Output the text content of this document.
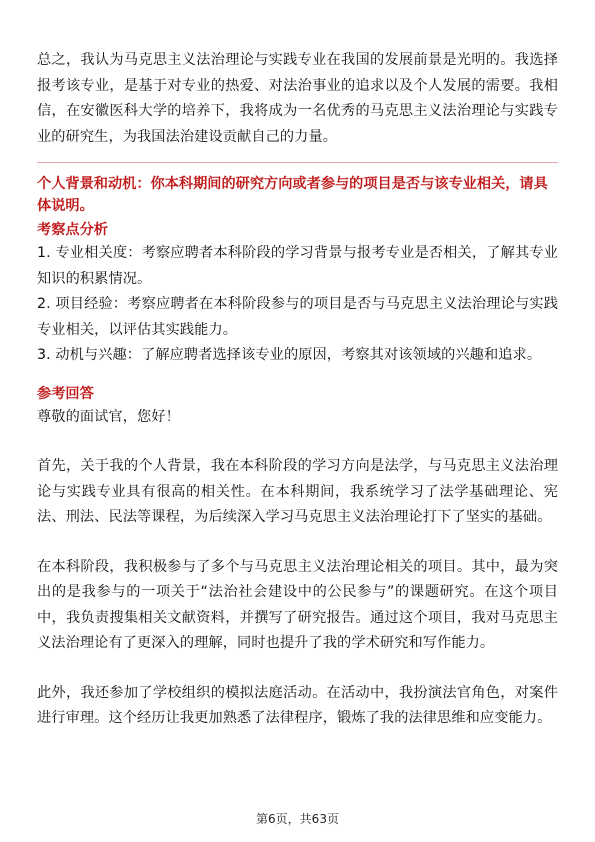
总之，我认为马克思主义法治理论与实践专业在我国的发展前景是光明的。我选择报考该专业，是基于对专业的热爱、对法治事业的追求以及个人发展的需要。我相信，在安徽医科大学的培养下，我将成为一名优秀的马克思主义法治理论与实践专业的研究生，为我国法治建设贡献自己的力量。

个人背景和动机：你本科期间的研究方向或者参与的项目是否与该专业相关，请具体说明。
考察点分析

1. 专业相关度：考察应聘者本科阶段的学习背景与报考专业是否相关，了解其专业知识的积累情况。

2. 项目经验：考察应聘者在本科阶段参与的项目是否与马克思主义法治理论与实践专业相关，以评估其实践能力。

3. 动机与兴趣：了解应聘者选择该专业的原因，考察其对该领域的兴趣和追求。

参考回答

尊敬的面试官，您好！

首先，关于我的个人背景，我在本科阶段的学习方向是法学，与马克思主义法治理论与实践专业具有很高的相关性。在本科期间，我系统学习了法学基础理论、宪法、刑法、民法等课程，为后续深入学习马克思主义法治理论打下了坚实的基础。

在本科阶段，我积极参与了多个与马克思主义法治理论相关的项目。其中，最为突出的是我参与的一项关于“法治社会建设中的公民参与”的课题研究。在这个项目中，我负责搜集相关文献资料，并撰写了研究报告。通过这个项目，我对马克思主义法治理论有了更深入的理解，同时也提升了我的学术研究和写作能力。

此外，我还参加了学校组织的模拟法庭活动。在活动中，我扮演法官角色，对案件进行审理。这个经历让我更加熟悉了法律程序，锻炼了我的法律思维和应变能力。

第6页，共63页
